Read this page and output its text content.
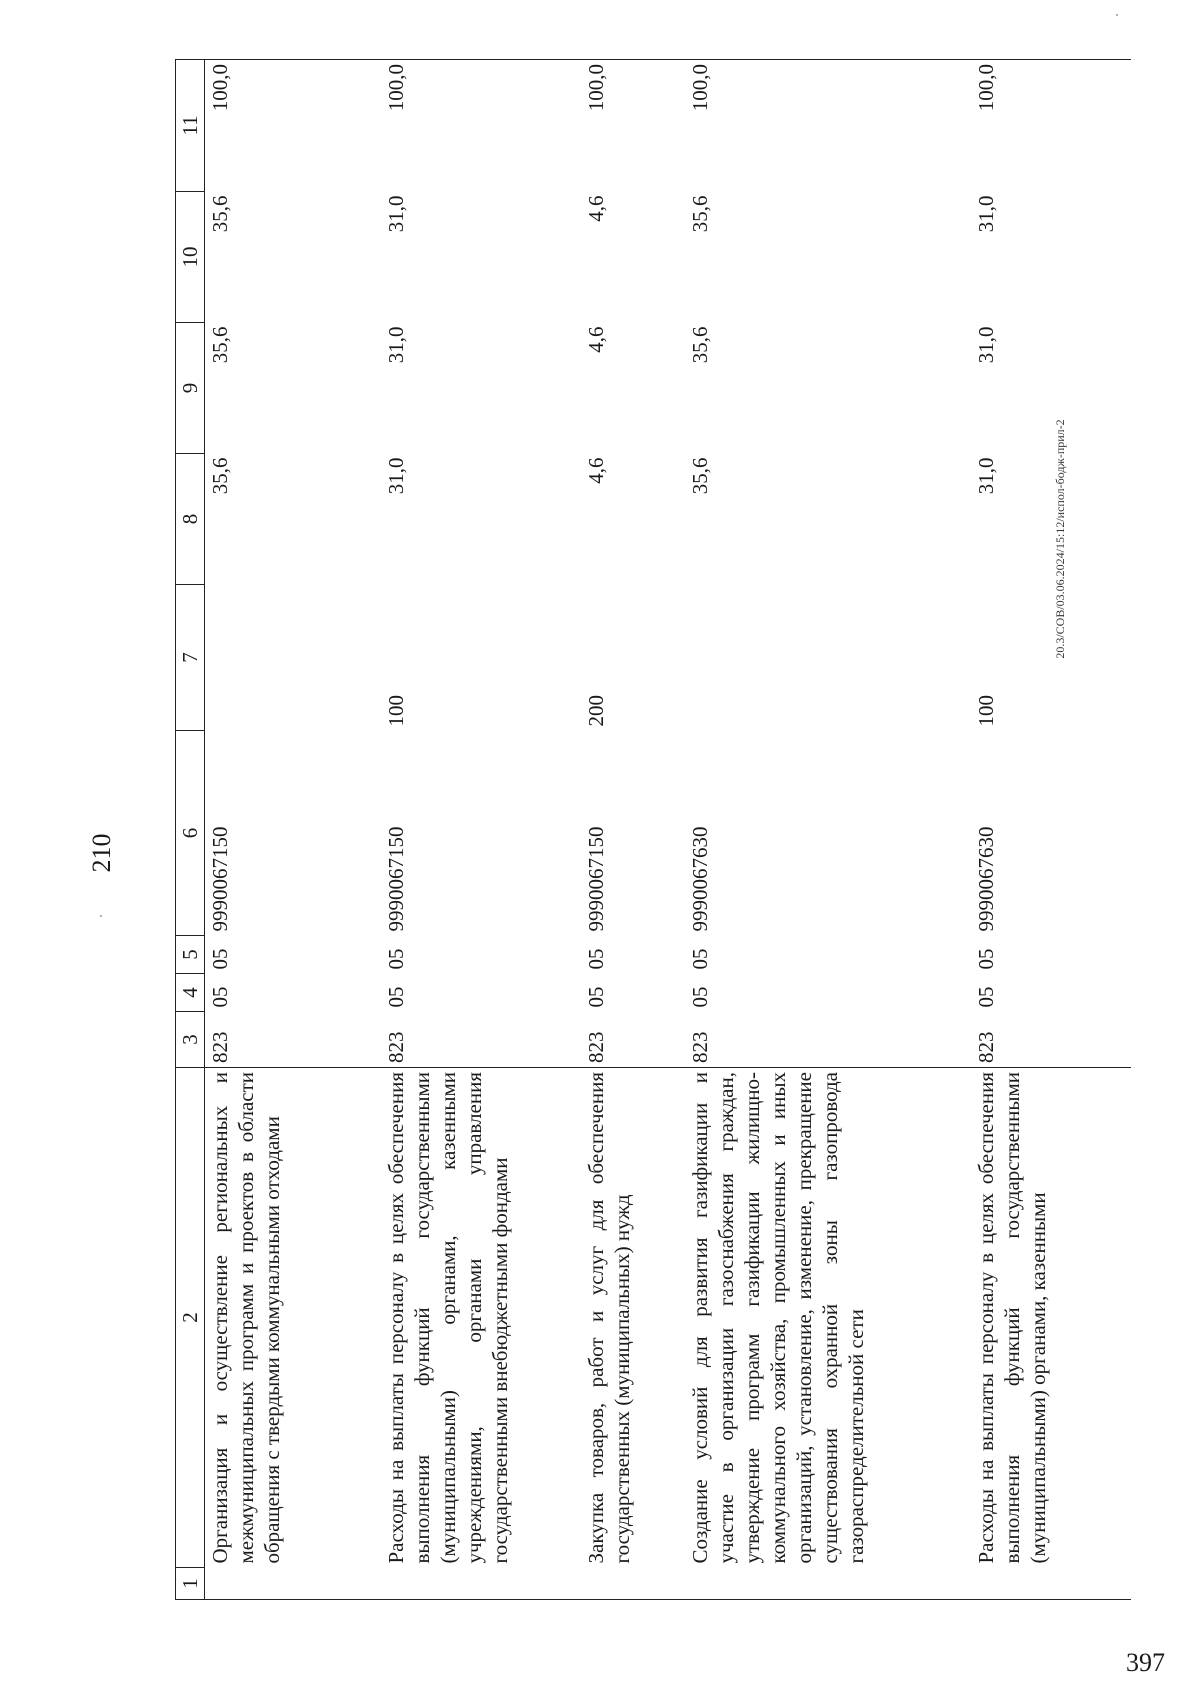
210
20.3/СОВ/03.06.2024/15:12/испол-бодж-прил-2
397
1	2	3	4	5	6	7	8	9	10	11
	Организация и осуществление региональных и межмуниципальных программ и проектов в области обращения с твердыми коммунальными отходами	823	05	05	9990067150		35,6	35,6	35,6	100,0
	Расходы на выплаты персоналу в целях обеспечения выполнения функций государственными (муниципальными) органами, казенными учреждениями, органами управления государственными внебюджетными фондами	823	05	05	9990067150	100	31,0	31,0	31,0	100,0
	Закупка товаров, работ и услуг для обеспечения государственных (муниципальных) нужд	823	05	05	9990067150	200	4,6	4,6	4,6	100,0
	Создание условий для развития газификации и участие в организации газоснабжения граждан, утверждение программ газификации жилищно-коммунального хозяйства, промышленных и иных организаций, установление, изменение, прекращение существования охранной зоны газопровода газораспределительной сети	823	05	05	9990067630		35,6	35,6	35,6	100,0
	Расходы на выплаты персоналу в целях обеспечения выполнения функций государственными (муниципальными) органами, казенными	823	05	05	9990067630	100	31,0	31,0	31,0	100,0
